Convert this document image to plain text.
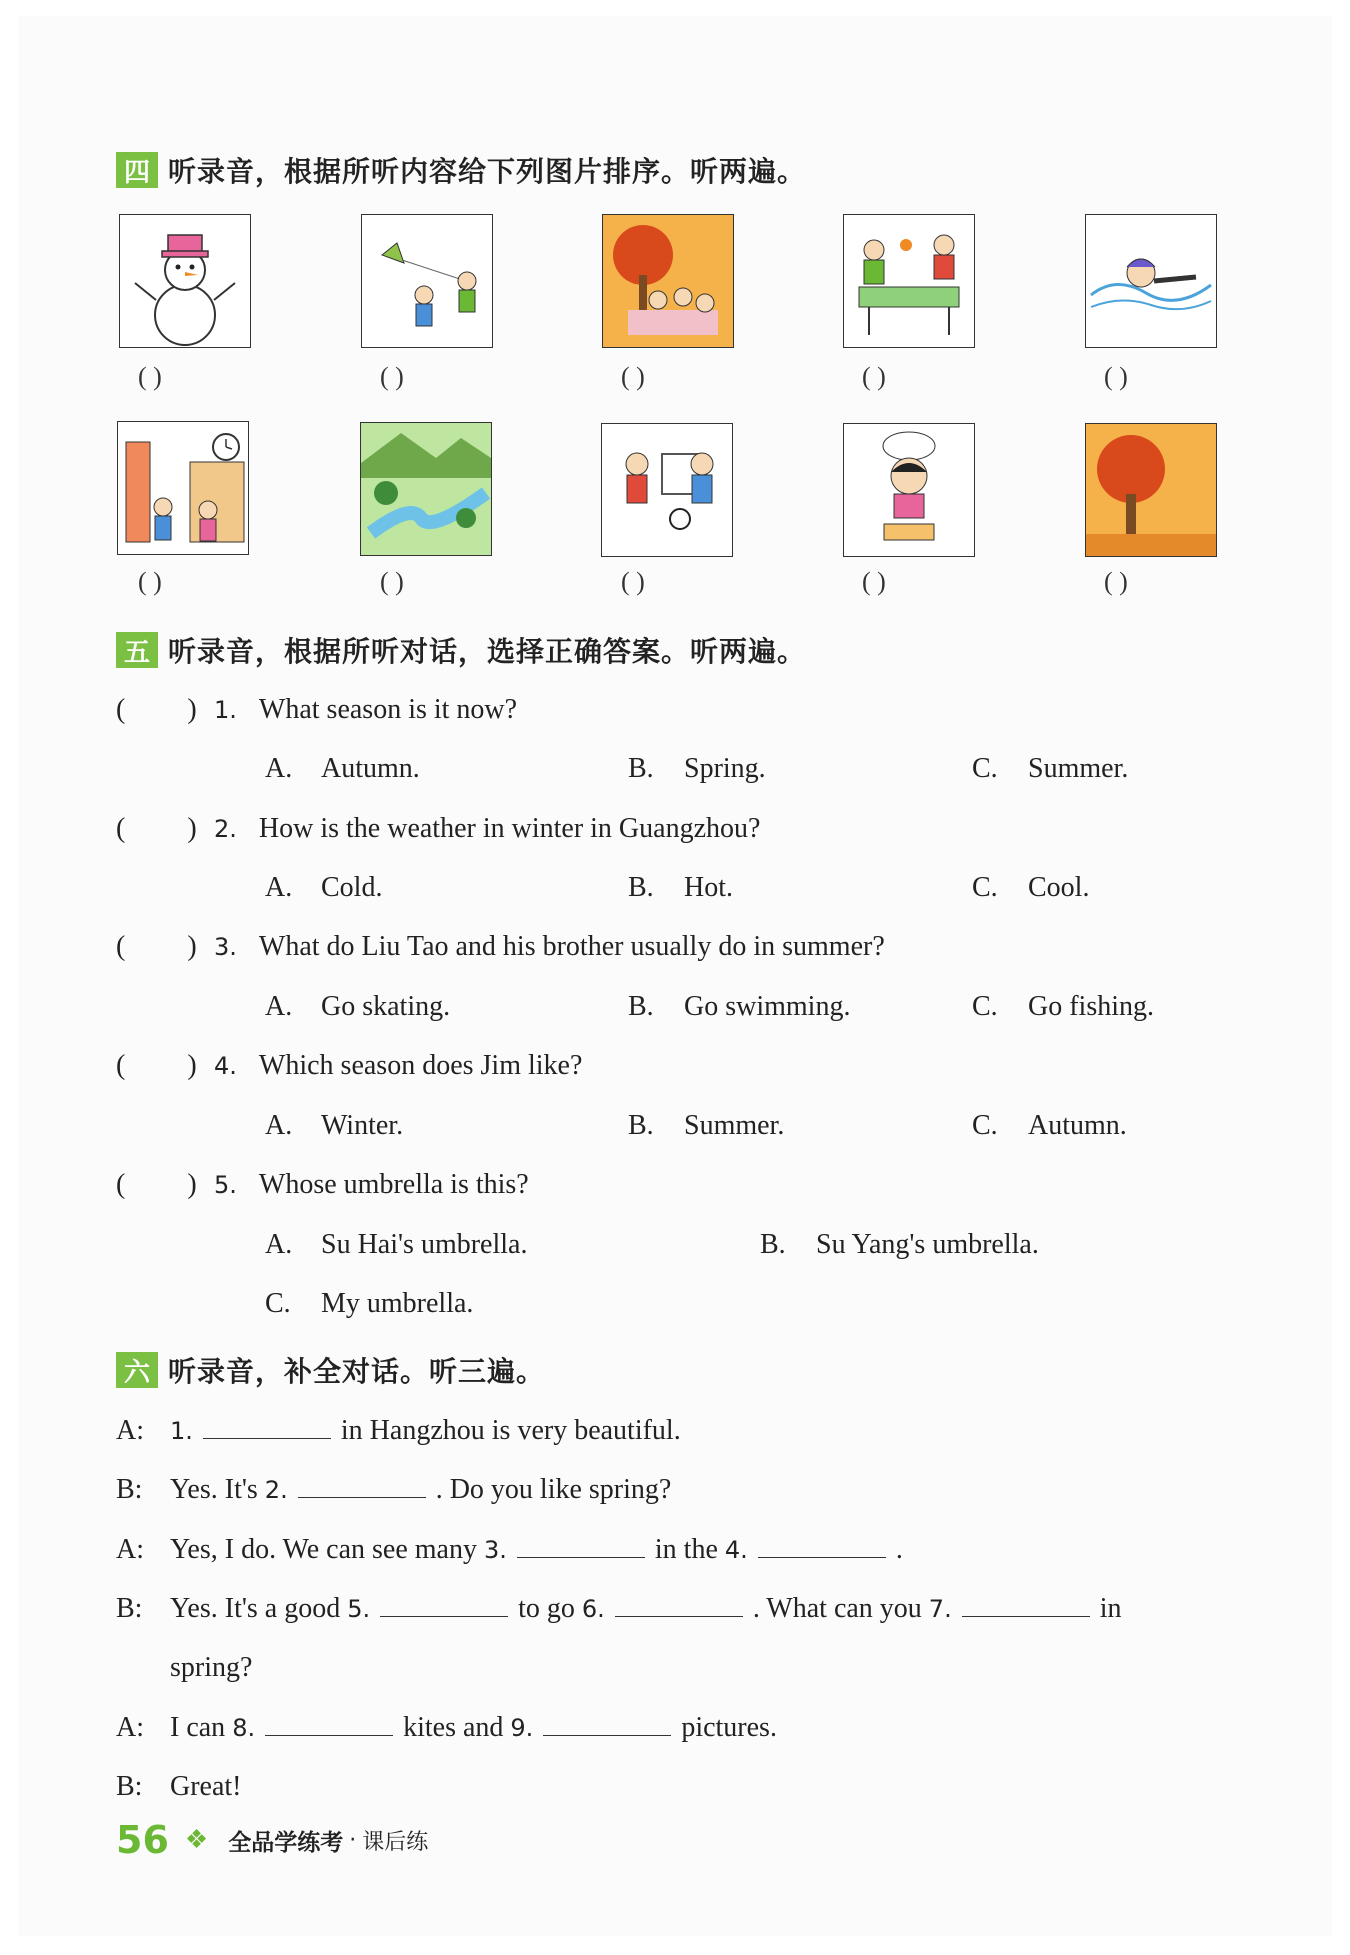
四 听录音，根据所听内容给下列图片排序。听两遍。
( )	( )	( )	( )	( )
( )	( )	( )	( )	( )
五 听录音，根据所听对话，选择正确答案。听两遍。
( ) 1. What season is it now?
A. Autumn.	B. Spring.	C. Summer.
( ) 2. How is the weather in winter in Guangzhou?
A. Cold.	B. Hot.	C. Cool.
( ) 3. What do Liu Tao and his brother usually do in summer?
A. Go skating.	B. Go swimming.	C. Go fishing.
( ) 4. Which season does Jim like?
A. Winter.	B. Summer.	C. Autumn.
( ) 5. Whose umbrella is this?
A. Su Hai's umbrella.	B. Su Yang's umbrella.
C. My umbrella.
六 听录音，补全对话。听三遍。
A: 1.	in Hangzhou is very beautiful.
B: Yes. It's 2.	. Do you like spring?
A: Yes, I do. We can see many 3.	in the 4.	.
B: Yes. It's a good 5.	to go 6.	. What can you 7.	in
spring?
A: I can 8.	kites and 9.	pictures.
B: Great!
56 ❖ 全品学练考 · 课后练
